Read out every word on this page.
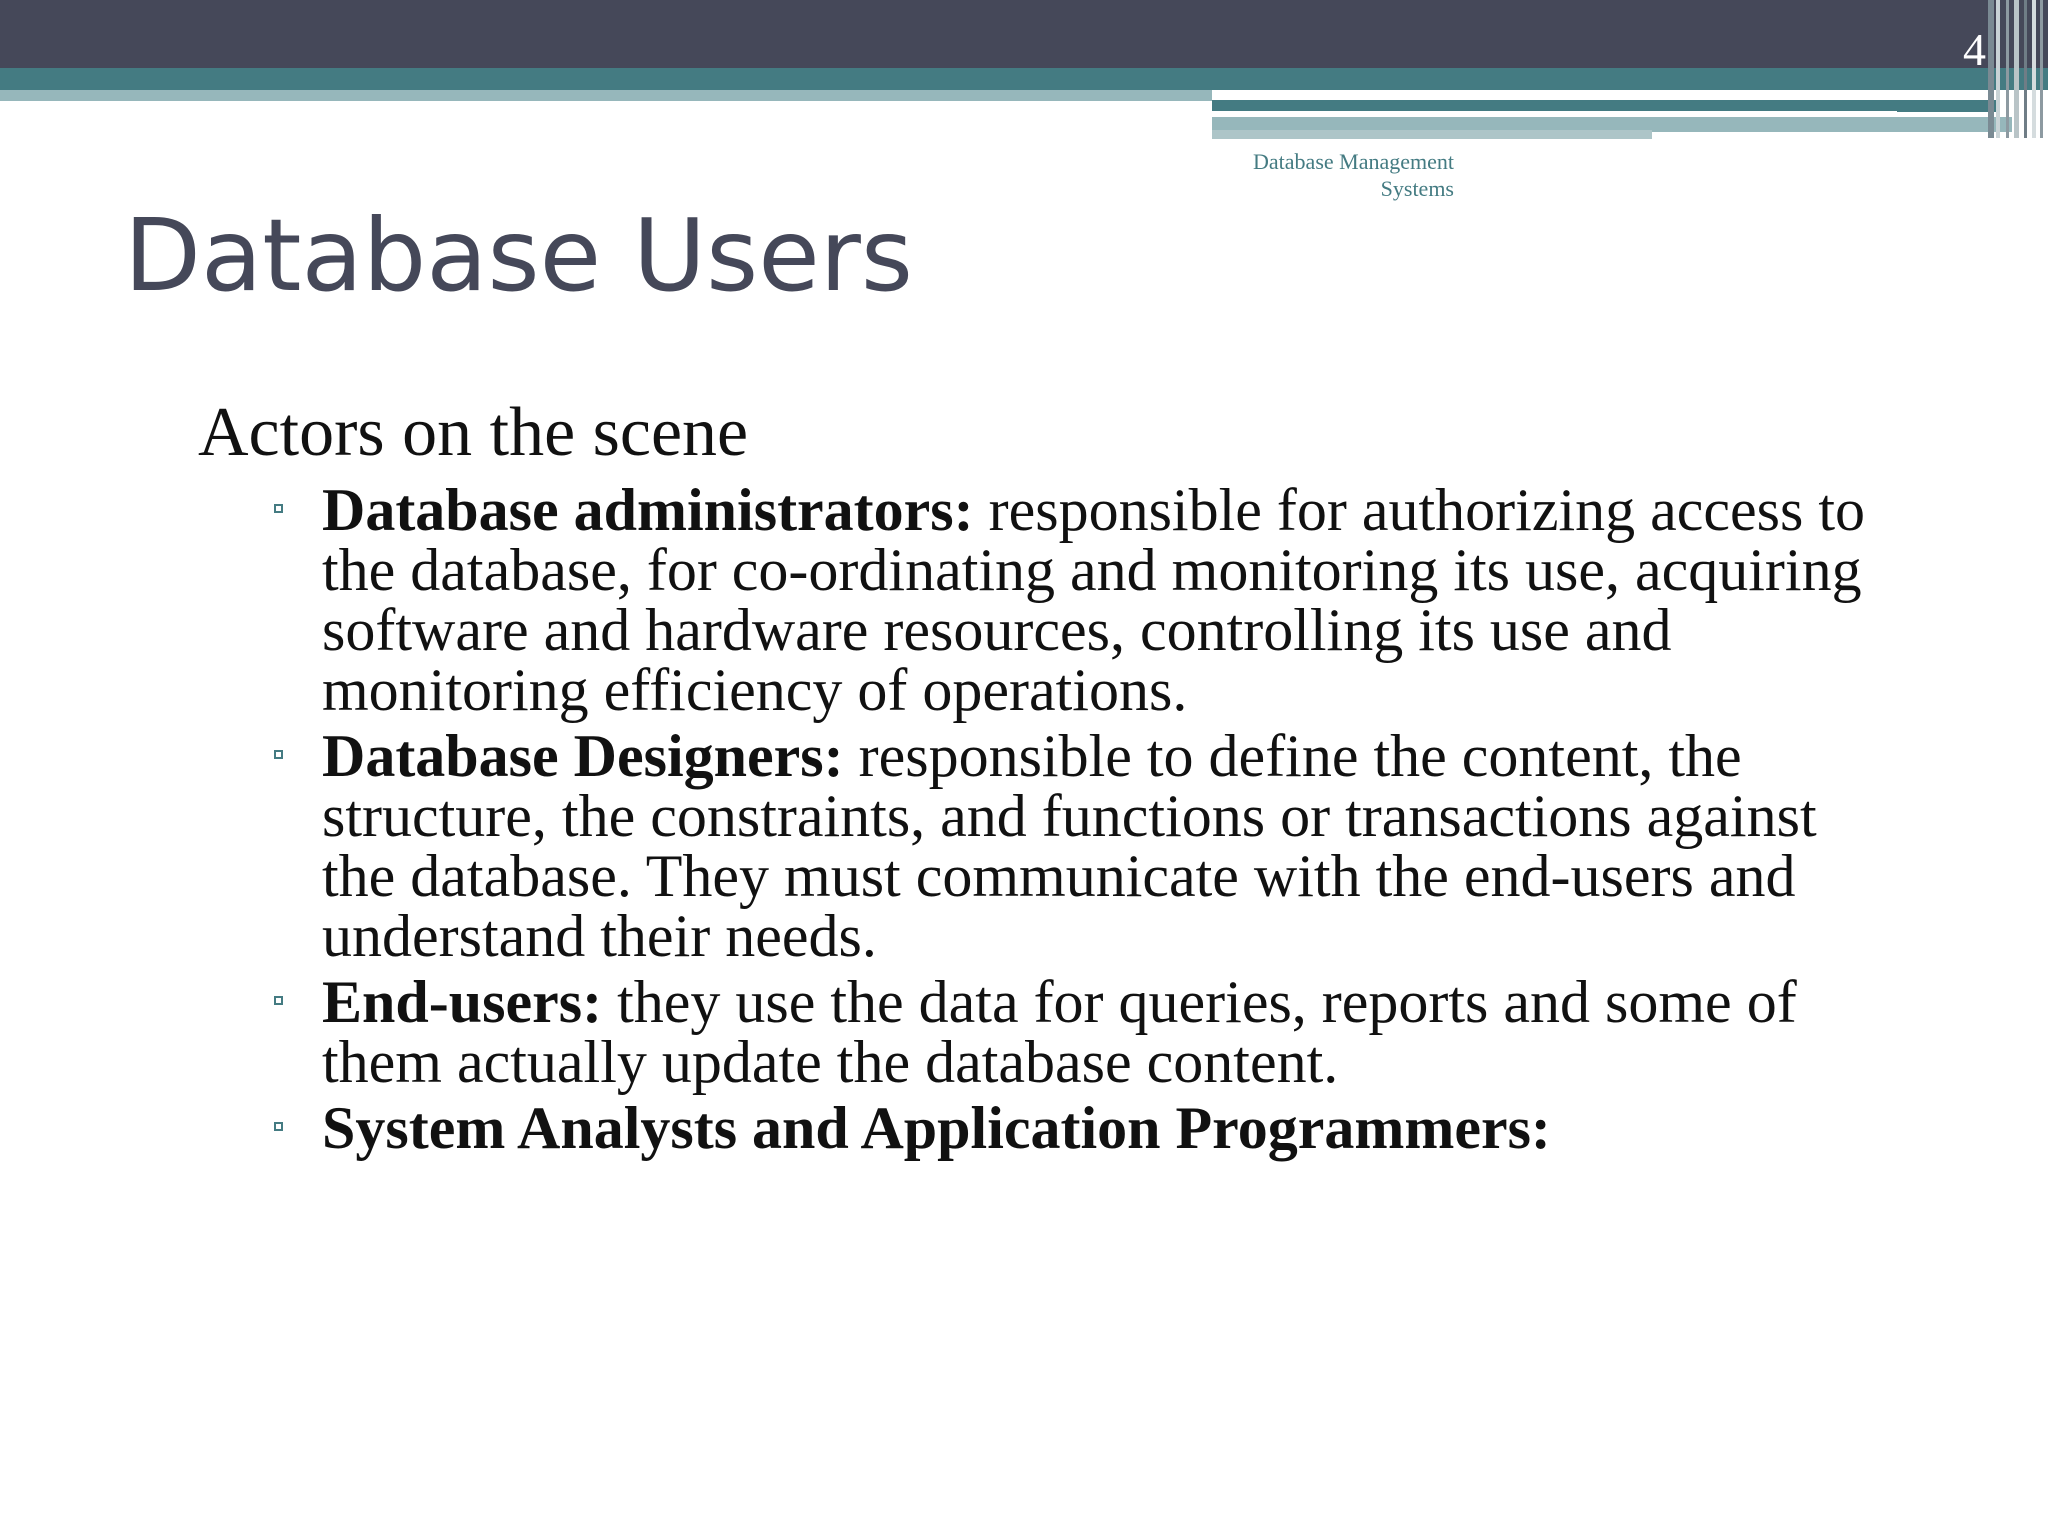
4
Database Management
Systems
Database Users

Actors on the scene

Database administrators: responsible for authorizing access to the database, for co-ordinating and monitoring its use, acquiring software and hardware resources, controlling its use and monitoring efficiency of operations.
Database Designers: responsible to define the content, the structure, the constraints, and functions or transactions against the database. They must communicate with the end-users and understand their needs.
End-users: they use the data for queries, reports and some of them actually update the database content.
System Analysts and Application Programmers:
